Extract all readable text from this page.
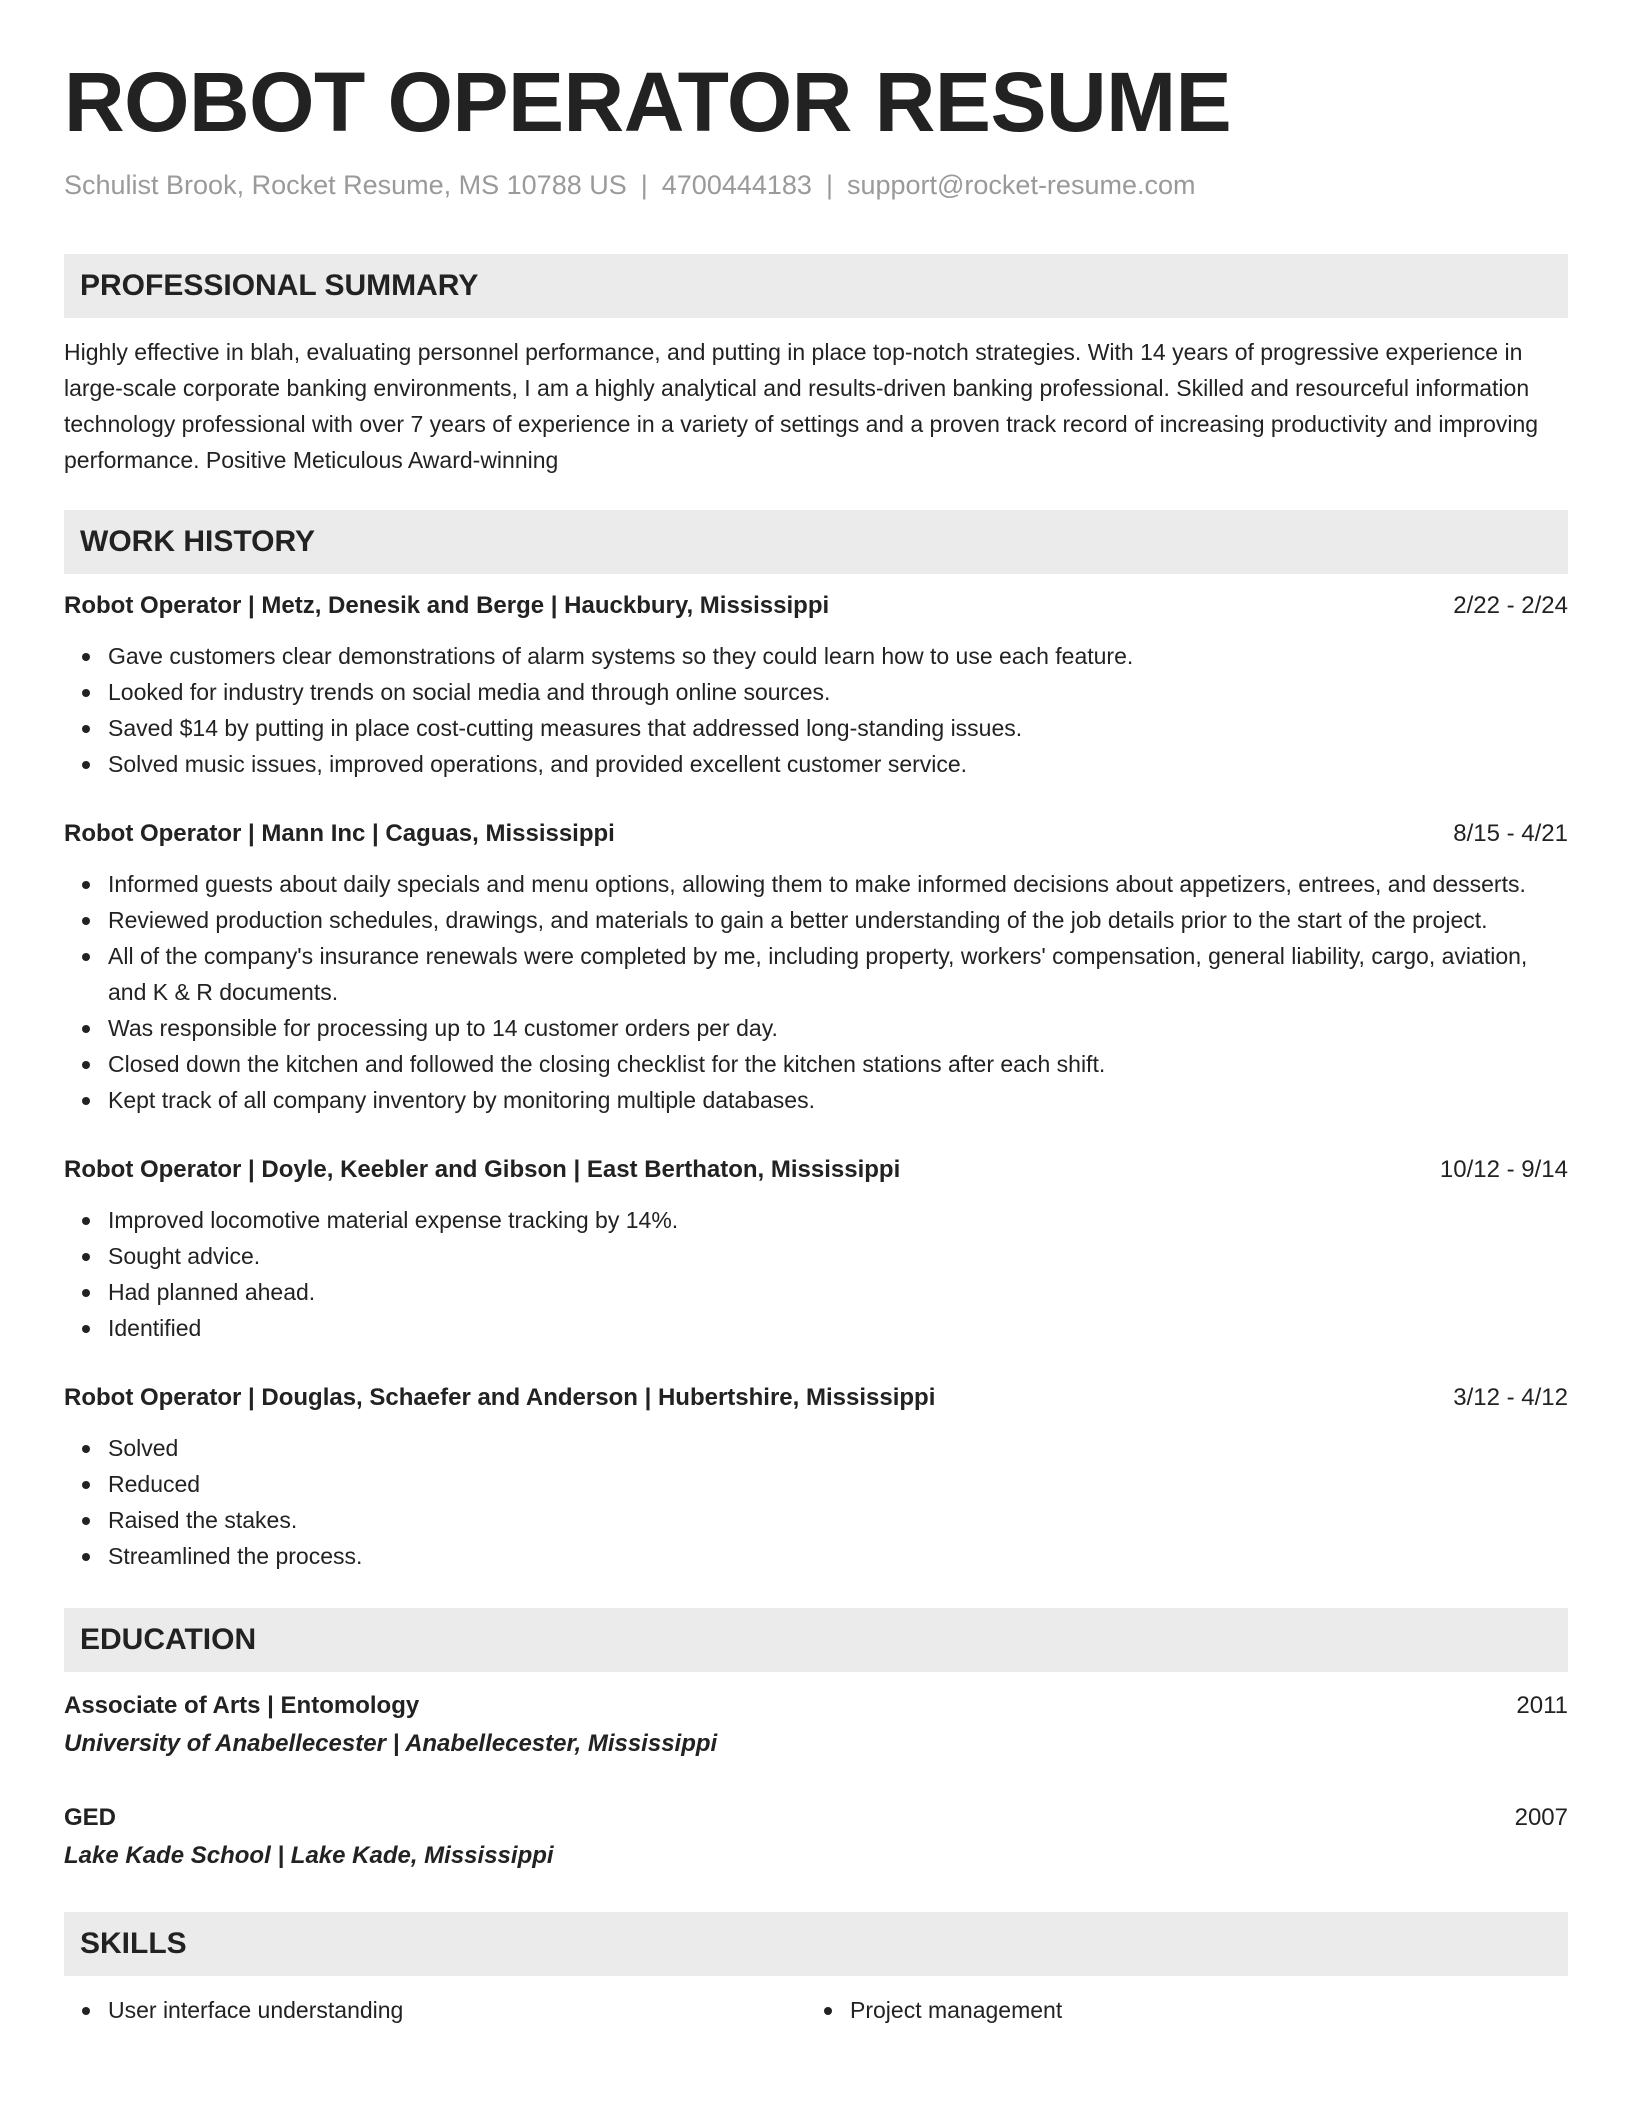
ROBOT OPERATOR RESUME
Schulist Brook, Rocket Resume, MS 10788 US | 4700444183 | support@rocket-resume.com
PROFESSIONAL SUMMARY
Highly effective in blah, evaluating personnel performance, and putting in place top-notch strategies. With 14 years of progressive experience in large-scale corporate banking environments, I am a highly analytical and results-driven banking professional. Skilled and resourceful information technology professional with over 7 years of experience in a variety of settings and a proven track record of increasing productivity and improving performance. Positive Meticulous Award-winning
WORK HISTORY
Robot Operator | Metz, Denesik and Berge | Hauckbury, Mississippi	2/22 - 2/24
Gave customers clear demonstrations of alarm systems so they could learn how to use each feature.
Looked for industry trends on social media and through online sources.
Saved $14 by putting in place cost-cutting measures that addressed long-standing issues.
Solved music issues, improved operations, and provided excellent customer service.
Robot Operator | Mann Inc | Caguas, Mississippi	8/15 - 4/21
Informed guests about daily specials and menu options, allowing them to make informed decisions about appetizers, entrees, and desserts.
Reviewed production schedules, drawings, and materials to gain a better understanding of the job details prior to the start of the project.
All of the company's insurance renewals were completed by me, including property, workers' compensation, general liability, cargo, aviation, and K & R documents.
Was responsible for processing up to 14 customer orders per day.
Closed down the kitchen and followed the closing checklist for the kitchen stations after each shift.
Kept track of all company inventory by monitoring multiple databases.
Robot Operator | Doyle, Keebler and Gibson | East Berthaton, Mississippi	10/12 - 9/14
Improved locomotive material expense tracking by 14%.
Sought advice.
Had planned ahead.
Identified
Robot Operator | Douglas, Schaefer and Anderson | Hubertshire, Mississippi	3/12 - 4/12
Solved
Reduced
Raised the stakes.
Streamlined the process.
EDUCATION
Associate of Arts | Entomology	2011
University of Anabellecester | Anabellecester, Mississippi
GED	2007
Lake Kade School | Lake Kade, Mississippi
SKILLS
User interface understanding	Project management
